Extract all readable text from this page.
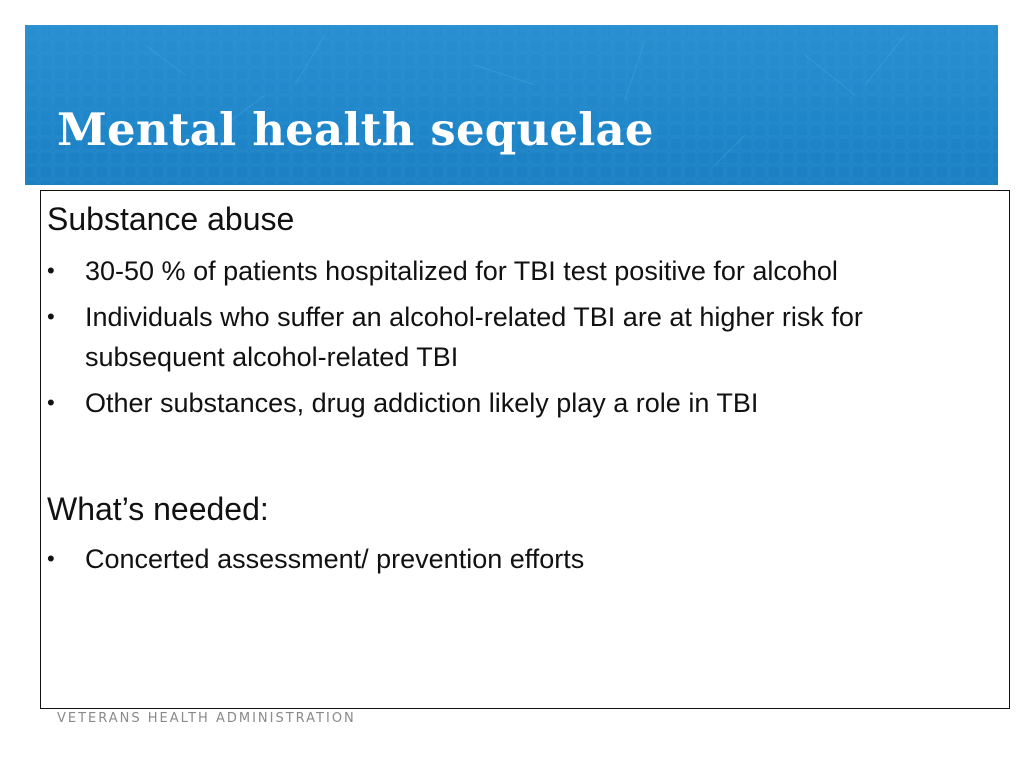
Mental health sequelae
Substance abuse
•	30-50 % of patients hospitalized for TBI test positive for alcohol
•	Individuals who suffer an alcohol-related TBI are at higher risk for subsequent alcohol-related TBI
•	Other substances, drug addiction likely play a role in TBI
What’s needed:
•	Concerted assessment/ prevention efforts
VETERANS HEALTH ADMINISTRATION
